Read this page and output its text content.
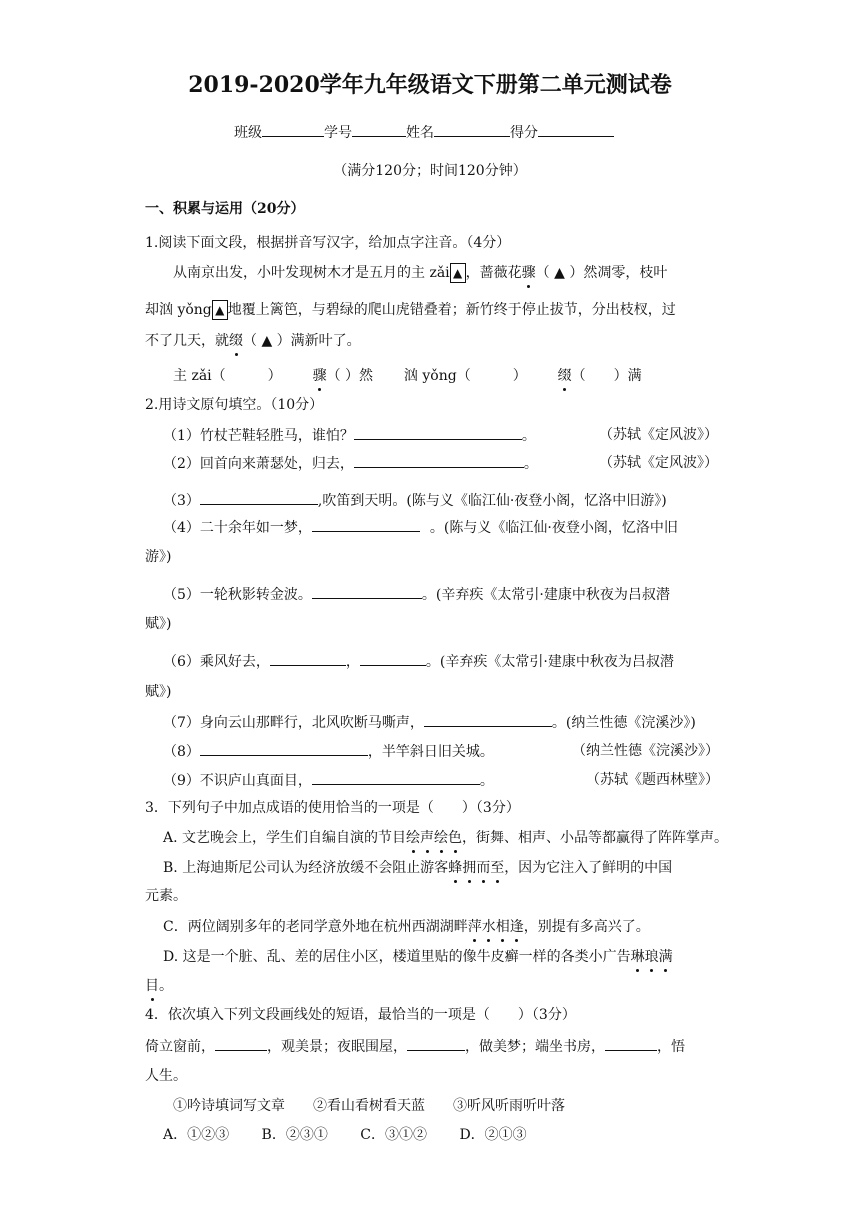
2019-2020学年九年级语文下册第二单元测试卷
班级	学号	姓名	得分
（满分120分；时间120分钟）
一、积累与运用（20分）
1.阅读下面文段，根据拼音写汉字，给加点字注音。（4分）
从南京出发，小叶发现树木才是五月的主 zǎi ▲ ，蔷薇花骤（ ▲ ）然凋零，枝叶
却汹 yǒng ▲ 地覆上篱笆，与碧绿的爬山虎错叠着；新竹终于停止拔节，分出枝杈，过
不了几天，就缀（ ▲ ）满新叶了。
主 zǎi（　　　） 骤（ ）然 汹 yǒng（　　　） 缀（　　）满
2.用诗文原句填空。（10分）
（1）竹杖芒鞋轻胜马，谁怕？	。	（苏轼《定风波》）
（2）回首向来萧瑟处，归去，	。	（苏轼《定风波》）
（3）	,吹笛到天明。(陈与义《临江仙·夜登小阁，忆洛中旧游》)
（4）二十余年如一梦，	。(陈与义《临江仙·夜登小阁，忆洛中旧
游》)
（5）一轮秋影转金波。	。(辛弃疾《太常引·建康中秋夜为吕叔潜
赋》)
（6）乘风好去，	，	。(辛弃疾《太常引·建康中秋夜为吕叔潜
赋》)
（7）身向云山那畔行，北风吹断马嘶声，	。(纳兰性德《浣溪沙》)
（8）	，半竿斜日旧关城。	（纳兰性德《浣溪沙》）
（9）不识庐山真面目，	。	（苏轼《题西林壁》）
3．下列句子中加点成语的使用恰当的一项是（　　）（3分）
A. 文艺晚会上，学生们自编自演的节目绘声绘色，街舞、相声、小品等都赢得了阵阵掌声。
B. 上海迪斯尼公司认为经济放缓不会阻止游客蜂拥而至，因为它注入了鲜明的中国
元素。
C．两位阔别多年的老同学意外地在杭州西湖湖畔萍水相逢，别提有多高兴了。
D. 这是一个脏、乱、差的居住小区，楼道里贴的像牛皮癣一样的各类小广告琳琅满
目。
4．依次填入下列文段画线处的短语，最恰当的一项是（　　）（3分）
倚立窗前，	，观美景；夜眠围屋，	，做美梦；端坐书房，	，悟
人生。
①吟诗填词写文章　　②看山看树看天蓝　　③听风听雨听叶落
A．①②③　　 B．②③①　　 C．③①②　　 D．②①③
